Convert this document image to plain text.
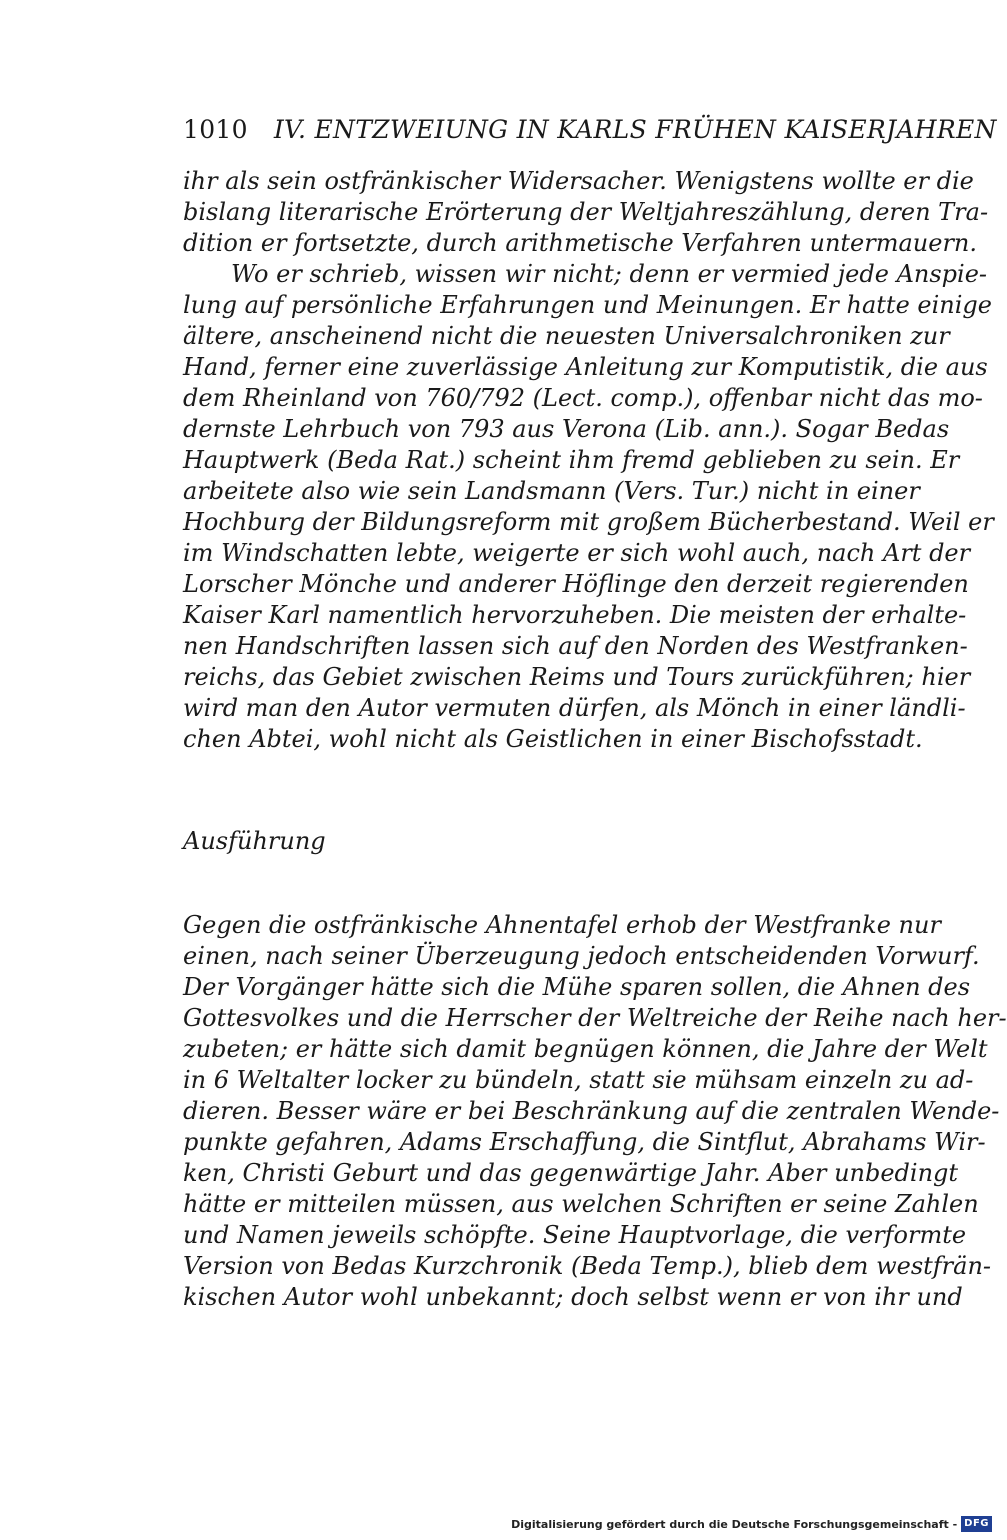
1010 IV. ENTZWEIUNG IN KARLS FRÜHEN KAISERJAHREN
ihr als sein ostfränkischer Widersacher. Wenigstens wollte er die
bislang literarische Erörterung der Weltjahreszählung, deren Tra-
dition er fortsetzte, durch arithmetische Verfahren untermauern.
Wo er schrieb, wissen wir nicht; denn er vermied jede Anspie-
lung auf persönliche Erfahrungen und Meinungen. Er hatte einige
ältere, anscheinend nicht die neuesten Universalchroniken zur
Hand, ferner eine zuverlässige Anleitung zur Komputistik, die aus
dem Rheinland von 760/792 (Lect. comp.), offenbar nicht das mo-
dernste Lehrbuch von 793 aus Verona (Lib. ann.). Sogar Bedas
Hauptwerk (Beda Rat.) scheint ihm fremd geblieben zu sein. Er
arbeitete also wie sein Landsmann (Vers. Tur.) nicht in einer
Hochburg der Bildungsreform mit großem Bücherbestand. Weil er
im Windschatten lebte, weigerte er sich wohl auch, nach Art der
Lorscher Mönche und anderer Höflinge den derzeit regierenden
Kaiser Karl namentlich hervorzuheben. Die meisten der erhalte-
nen Handschriften lassen sich auf den Norden des Westfranken-
reichs, das Gebiet zwischen Reims und Tours zurückführen; hier
wird man den Autor vermuten dürfen, als Mönch in einer ländli-
chen Abtei, wohl nicht als Geistlichen in einer Bischofsstadt.
Ausführung
Gegen die ostfränkische Ahnentafel erhob der Westfranke nur
einen, nach seiner Überzeugung jedoch entscheidenden Vorwurf.
Der Vorgänger hätte sich die Mühe sparen sollen, die Ahnen des
Gottesvolkes und die Herrscher der Weltreiche der Reihe nach her-
zubeten; er hätte sich damit begnügen können, die Jahre der Welt
in 6 Weltalter locker zu bündeln, statt sie mühsam einzeln zu ad-
dieren. Besser wäre er bei Beschränkung auf die zentralen Wende-
punkte gefahren, Adams Erschaffung, die Sintflut, Abrahams Wir-
ken, Christi Geburt und das gegenwärtige Jahr. Aber unbedingt
hätte er mitteilen müssen, aus welchen Schriften er seine Zahlen
und Namen jeweils schöpfte. Seine Hauptvorlage, die verformte
Version von Bedas Kurzchronik (Beda Temp.), blieb dem westfrän-
kischen Autor wohl unbekannt; doch selbst wenn er von ihr und
Digitalisierung gefördert durch die Deutsche Forschungsgemeinschaft - DFG
